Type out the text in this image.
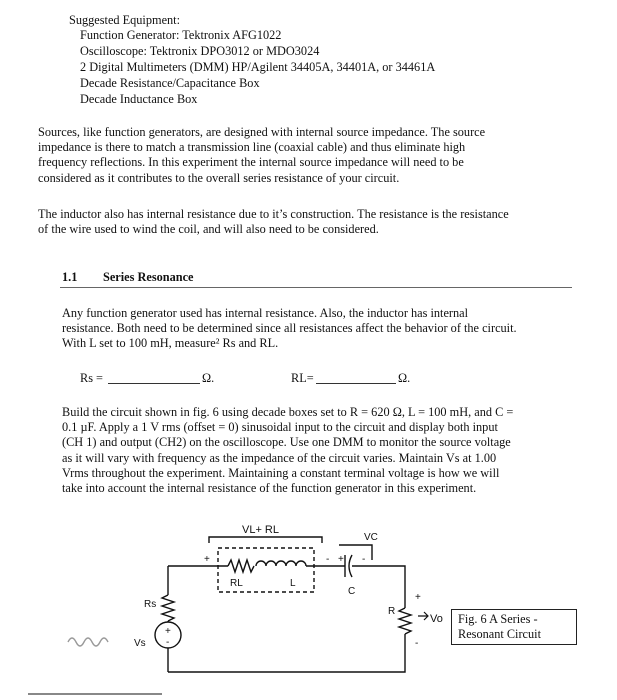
Suggested Equipment:
Function Generator: Tektronix AFG1022
Oscilloscope: Tektronix DPO3012 or MDO3024
2 Digital Multimeters (DMM) HP/Agilent 34405A, 34401A, or 34461A
Decade Resistance/Capacitance Box
Decade Inductance Box
Sources, like function generators, are designed with internal source impedance. The source
impedance is there to match a transmission line (coaxial cable) and thus eliminate high
frequency reflections. In this experiment the internal source impedance will need to be
considered as it contributes to the overall series resistance of your circuit.
The inductor also has internal resistance due to it’s construction. The resistance is the resistance
of the wire used to wind the coil, and will also need to be considered.
1.1 Series Resonance
Any function generator used has internal resistance. Also, the inductor has internal
resistance. Both need to be determined since all resistances affect the behavior of the circuit.
With L set to 100 mH, measure² Rs and RL.
Rs =	Ω.	RL=	Ω.
Build the circuit shown in fig. 6 using decade boxes set to R = 620 Ω, L = 100 mH, and C =
0.1 µF. Apply a 1 V rms (offset = 0) sinusoidal input to the circuit and display both input
(CH 1) and output (CH2) on the oscilloscope. Use one DMM to monitor the source voltage
as it will vary with frequency as the impedance of the circuit varies. Maintain Vs at 1.00
Vrms throughout the experiment. Maintaining a constant terminal voltage is how we will
take into account the internal resistance of the function generator in this experiment.
VL+ RL
RL	L
C
VC
R
Vo
Rs
Vs
+
-
+	- + -
+
-
Fig. 6 A Series -
Resonant Circuit
